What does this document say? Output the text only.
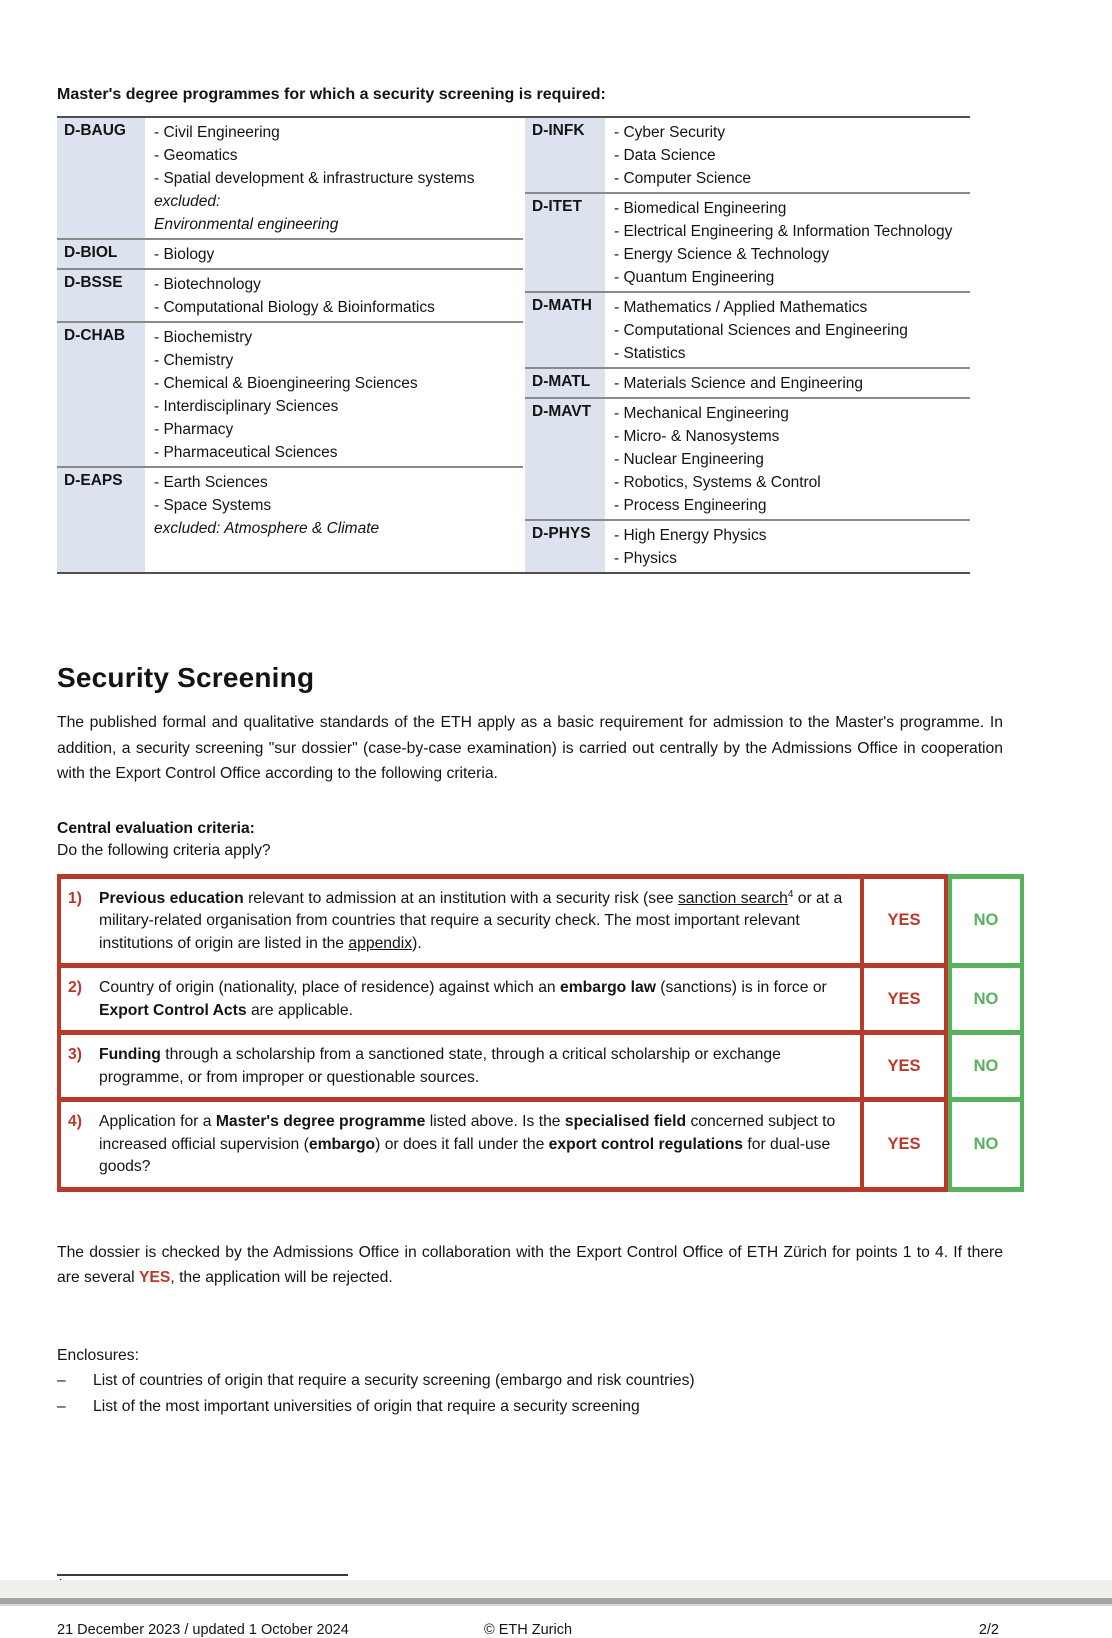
Master's degree programmes for which a security screening is required:
D-BAUG	- Civil Engineering
- Geomatics
- Spatial development & infrastructure systems
excluded:
Environmental engineering
D-BIOL	- Biology
D-BSSE	- Biotechnology
- Computational Biology & Bioinformatics
D-CHAB	- Biochemistry
- Chemistry
- Chemical & Bioengineering Sciences
- Interdisciplinary Sciences
- Pharmacy
- Pharmaceutical Sciences
D-EAPS	- Earth Sciences
- Space Systems
excluded: Atmosphere & Climate
D-INFK	- Cyber Security
- Data Science
- Computer Science
D-ITET	- Biomedical Engineering
- Electrical Engineering & Information Technology
- Energy Science & Technology
- Quantum Engineering
D-MATH	- Mathematics / Applied Mathematics
- Computational Sciences and Engineering
- Statistics
D-MATL	- Materials Science and Engineering
D-MAVT	- Mechanical Engineering
- Micro- & Nanosystems
- Nuclear Engineering
- Robotics, Systems & Control
- Process Engineering
D-PHYS	- High Energy Physics
- Physics
Security Screening

The published formal and qualitative standards of the ETH apply as a basic requirement for admission to the Master's programme. In addition, a security screening "sur dossier" (case-by-case examination) is carried out centrally by the Admissions Office in cooperation with the Export Control Office according to the following criteria.

Central evaluation criteria:
Do the following criteria apply?
1)	Previous education relevant to admission at an institution with a security risk (see sanction search$^4$ or at a military-related organisation from countries that require a security check. The most important relevant institutions of origin are listed in the appendix).
YES	NO
2)	Country of origin (nationality, place of residence) against which an embargo law (sanctions) is in force or Export Control Acts are applicable.
YES	NO
3)	Funding through a scholarship from a sanctioned state, through a critical scholarship or exchange programme, or from improper or questionable sources.
YES	NO
4)	Application for a Master's degree programme listed above. Is the specialised field concerned subject to increased official supervision (embargo) or does it fall under the export control regulations for dual-use goods?
YES	NO

The dossier is checked by the Admissions Office in collaboration with the Export Control Office of ETH Zürich for points 1 to 4. If there are several YES, the application will be rejected.

Enclosures:
–	List of countries of origin that require a security screening (embargo and risk countries)
–	List of the most important universities of origin that require a security screening
21 December 2023 / updated 1 October 2024	© ETH Zurich	2/2
